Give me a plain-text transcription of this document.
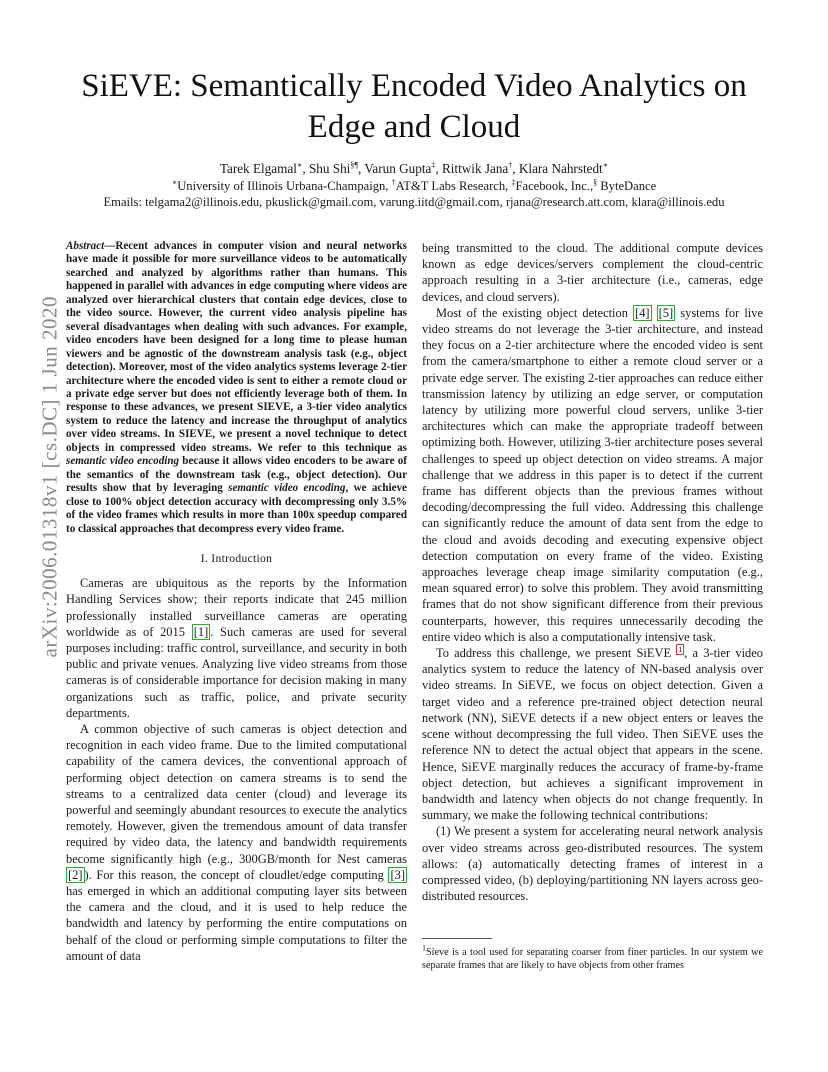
arXiv:2006.01318v1 [cs.DC] 1 Jun 2020
SiEVE: Semantically Encoded Video Analytics on
Edge and Cloud
Tarek Elgamal∗, Shu Shi§¶, Varun Gupta‡, Rittwik Jana†, Klara Nahrstedt∗
∗University of Illinois Urbana-Champaign, †AT&T Labs Research, ‡Facebook, Inc.,§ ByteDance
Emails: telgama2@illinois.edu, pkuslick@gmail.com, varung.iitd@gmail.com, rjana@research.att.com, klara@illinois.edu

Abstract—Recent advances in computer vision and neural networks have made it possible for more surveillance videos to be automatically searched and analyzed by algorithms rather than humans. This happened in parallel with advances in edge computing where videos are analyzed over hierarchical clusters that contain edge devices, close to the video source. However, the current video analysis pipeline has several disadvantages when dealing with such advances. For example, video encoders have been designed for a long time to please human viewers and be agnostic of the downstream analysis task (e.g., object detection). Moreover, most of the video analytics systems leverage 2-tier architecture where the encoded video is sent to either a remote cloud or a private edge server but does not efficiently leverage both of them. In response to these advances, we present SIEVE, a 3-tier video analytics system to reduce the latency and increase the throughput of analytics over video streams. In SIEVE, we present a novel technique to detect objects in compressed video streams. We refer to this technique as semantic video encoding because it allows video encoders to be aware of the semantics of the downstream task (e.g., object detection). Our results show that by leveraging semantic video encoding, we achieve close to 100% object detection accuracy with decompressing only 3.5% of the video frames which results in more than 100x speedup compared to classical approaches that decompress every video frame.

I. Introduction

Cameras are ubiquitous as the reports by the Information Handling Services show; their reports indicate that 245 million professionally installed surveillance cameras are operating worldwide as of 2015 [1] . Such cameras are used for several purposes including: traffic control, surveillance, and security in both public and private venues. Analyzing live video streams from those cameras is of considerable importance for decision making in many organizations such as traffic, police, and private security departments.

A common objective of such cameras is object detection and recognition in each video frame. Due to the limited computational capability of the camera devices, the conventional approach of performing object detection on camera streams is to send the streams to a centralized data center (cloud) and leverage its powerful and seemingly abundant resources to execute the analytics remotely. However, given the tremendous amount of data transfer required by video data, the latency and bandwidth requirements become significantly high (e.g., 300GB/month for Nest cameras [2] ). For this reason, the concept of cloudlet/edge computing [3] has emerged in which an additional computing layer sits between the camera and the cloud, and it is used to help reduce the bandwidth and latency by performing the entire computations on behalf of the cloud or performing simple computations to filter the amount of data

being transmitted to the cloud. The additional compute devices known as edge devices/servers complement the cloud-centric approach resulting in a 3-tier architecture (i.e., cameras, edge devices, and cloud servers).

Most of the existing object detection [4] [5] systems for live video streams do not leverage the 3-tier architecture, and instead they focus on a 2-tier architecture where the encoded video is sent from the camera/smartphone to either a remote cloud server or a private edge server. The existing 2-tier approaches can reduce either transmission latency by utilizing an edge server, or computation latency by utilizing more powerful cloud servers, unlike 3-tier architectures which can make the appropriate tradeoff between optimizing both. However, utilizing 3-tier architecture poses several challenges to speed up object detection on video streams. A major challenge that we address in this paper is to detect if the current frame has different objects than the previous frames without decoding/decompressing the full video. Addressing this challenge can significantly reduce the amount of data sent from the edge to the cloud and avoids decoding and executing expensive object detection computation on every frame of the video. Existing approaches leverage cheap image similarity computation (e.g., mean squared error) to solve this problem. They avoid transmitting frames that do not show significant difference from their previous counterparts, however, this requires unnecessarily decoding the entire video which is also a computationally intensive task.

To address this challenge, we present SiEVE $^1$ , a 3-tier video analytics system to reduce the latency of NN-based analysis over video streams. In SiEVE, we focus on object detection. Given a target video and a reference pre-trained object detection neural network (NN), SiEVE detects if a new object enters or leaves the scene without decompressing the full video. Then SiEVE uses the reference NN to detect the actual object that appears in the scene. Hence, SiEVE marginally reduces the accuracy of frame-by-frame object detection, but achieves a significant improvement in bandwidth and latency when objects do not change frequently. In summary, we make the following technical contributions:

(1) We present a system for accelerating neural network analysis over video streams across geo-distributed resources. The system allows: (a) automatically detecting frames of interest in a compressed video, (b) deploying/partitioning NN layers across geo-distributed resources.

$^1$Sieve is a tool used for separating coarser from finer particles. In our system we separate frames that are likely to have objects from other frames
